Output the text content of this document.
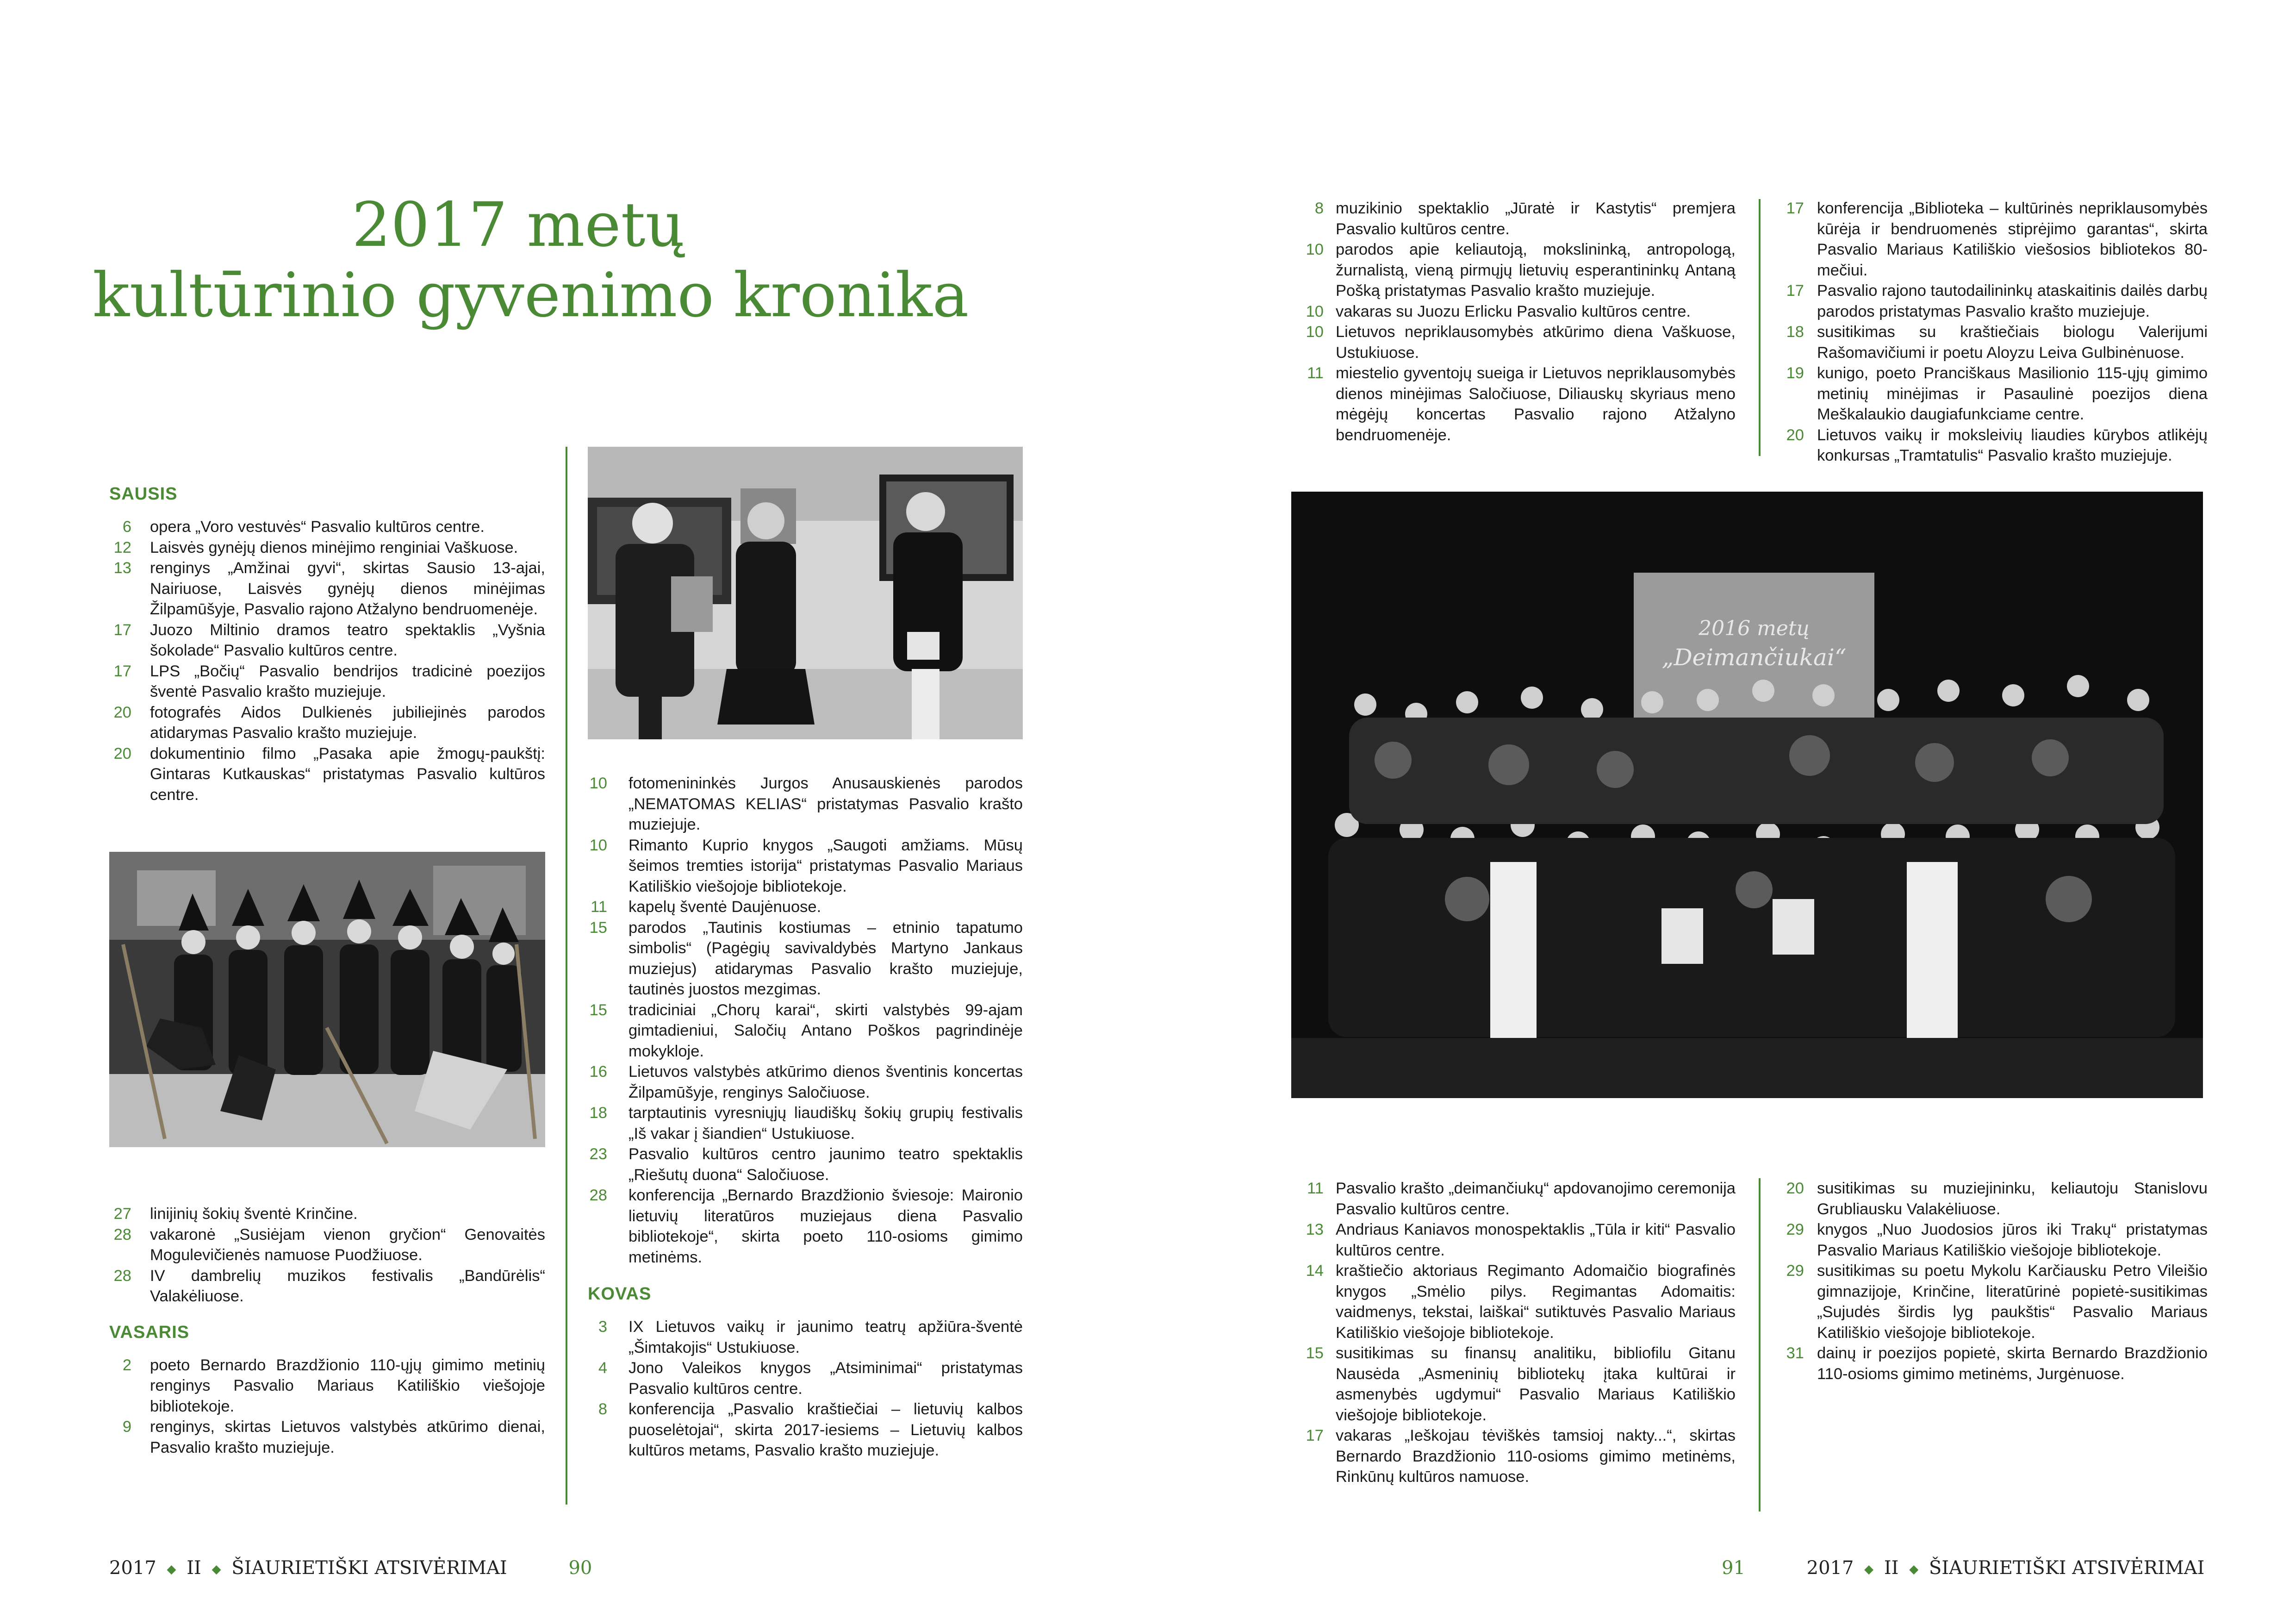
2017 metų
kultūrinio gyvenimo kronika
SAUSIS
6 opera „Voro vestuvės“ Pasvalio kultūros centre.
12 Laisvės gynėjų dienos minėjimo renginiai Vaškuose.
13 renginys „Amžinai gyvi“, skirtas Sausio 13-ajai, Nairiuose, Laisvės gynėjų dienos minėjimas Žilpamūšyje, Pasvalio rajono Atžalyno bendruomenėje.
17 Juozo Miltinio dramos teatro spektaklis „Vyšnia šokolade“ Pasvalio kultūros centre.
17 LPS „Bočių“ Pasvalio bendrijos tradicinė poezijos šventė Pasvalio krašto muziejuje.
20 fotografės Aidos Dulkienės jubiliejinės parodos atidarymas Pasvalio krašto muziejuje.
20 dokumentinio filmo „Pasaka apie žmogų-paukštį: Gintaras Kutkauskas“ pristatymas Pasvalio kultūros centre.
27 linijinių šokių šventė Krinčine.
28 vakaronė „Susiėjam vienon gryčion“ Genovaitės Mogulevičienės namuose Puodžiuose.
28 IV dambrelių muzikos festivalis „Bandūrėlis“ Valakėliuose.
VASARIS
2 poeto Bernardo Brazdžionio 110-ųjų gimimo metinių renginys Pasvalio Mariaus Katiliškio viešojoje bibliotekoje.
9 renginys, skirtas Lietuvos valstybės atkūrimo dienai, Pasvalio krašto muziejuje.
10 fotomenininkės Jurgos Anusauskienės parodos „NEMATOMAS KELIAS“ pristatymas Pasvalio krašto muziejuje.
10 Rimanto Kuprio knygos „Saugoti amžiams. Mūsų šeimos tremties istorija“ pristatymas Pasvalio Mariaus Katiliškio viešojoje bibliotekoje.
11 kapelų šventė Daujėnuose.
15 parodos „Tautinis kostiumas – etninio tapatumo simbolis“ (Pagėgių savivaldybės Martyno Jankaus muziejus) atidarymas Pasvalio krašto muziejuje, tautinės juostos mezgimas.
15 tradiciniai „Chorų karai“, skirti valstybės 99-ajam gimtadieniui, Saločių Antano Poškos pagrindinėje mokykloje.
16 Lietuvos valstybės atkūrimo dienos šventinis koncertas Žilpamūšyje, renginys Saločiuose.
18 tarptautinis vyresniųjų liaudiškų šokių grupių festivalis „Iš vakar į šiandien“ Ustukiuose.
23 Pasvalio kultūros centro jaunimo teatro spektaklis „Riešutų duona“ Saločiuose.
28 konferencija „Bernardo Brazdžionio šviesoje: Maironio lietuvių literatūros muziejaus diena Pasvalio bibliotekoje“, skirta poeto 110-osioms gimimo metinėms.
KOVAS
3 IX Lietuvos vaikų ir jaunimo teatrų apžiūra-šventė „Šimtakojis“ Ustukiuose.
4 Jono Valeikos knygos „Atsiminimai“ pristatymas Pasvalio kultūros centre.
8 konferencija „Pasvalio kraštiečiai – lietuvių kalbos puoselėtojai“, skirta 2017-iesiems – Lietuvių kalbos kultūros metams, Pasvalio krašto muziejuje.
8 muzikinio spektaklio „Jūratė ir Kastytis“ premjera Pasvalio kultūros centre.
10 parodos apie keliautoją, mokslininką, antropologą, žurnalistą, vieną pirmųjų lietuvių esperantininkų Antaną Pošką pristatymas Pasvalio krašto muziejuje.
10 vakaras su Juozu Erlicku Pasvalio kultūros centre.
10 Lietuvos nepriklausomybės atkūrimo diena Vaškuose, Ustukiuose.
11 miestelio gyventojų sueiga ir Lietuvos nepriklausomybės dienos minėjimas Saločiuose, Diliauskų skyriaus meno mėgėjų koncertas Pasvalio rajono Atžalyno bendruomenėje.
17 konferencija „Biblioteka – kultūrinės nepriklausomybės kūrėja ir bendruomenės stiprėjimo garantas“, skirta Pasvalio Mariaus Katiliškio viešosios bibliotekos 80-mečiui.
17 Pasvalio rajono tautodailininkų ataskaitinis dailės darbų parodos pristatymas Pasvalio krašto muziejuje.
18 susitikimas su kraštiečiais biologu Valerijumi Rašomavičiumi ir poetu Aloyzu Leiva Gulbinėnuose.
19 kunigo, poeto Pranciškaus Masilionio 115-ųjų gimimo metinių minėjimas ir Pasaulinė poezijos diena Meškalaukio daugiafunkciame centre.
20 Lietuvos vaikų ir moksleivių liaudies kūrybos atlikėjų konkursas „Tramtatulis“ Pasvalio krašto muziejuje.
2016 metų
„Deimančiukai“
11 Pasvalio krašto „deimančiukų“ apdovanojimo ceremonija Pasvalio kultūros centre.
13 Andriaus Kaniavos monospektaklis „Tūla ir kiti“ Pasvalio kultūros centre.
14 kraštiečio aktoriaus Regimanto Adomaičio biografinės knygos „Smėlio pilys. Regimantas Adomaitis: vaidmenys, tekstai, laiškai“ sutiktuvės Pasvalio Mariaus Katiliškio viešojoje bibliotekoje.
15 susitikimas su finansų analitiku, bibliofilu Gitanu Nausėda „Asmeninių bibliotekų įtaka kultūrai ir asmenybės ugdymui“ Pasvalio Mariaus Katiliškio viešojoje bibliotekoje.
17 vakaras „Ieškojau tėviškės tamsioj nakty...“, skirtas Bernardo Brazdžionio 110-osioms gimimo metinėms, Rinkūnų kultūros namuose.
20 susitikimas su muziejininku, keliautoju Stanislovu Grubliausku Valakėliuose.
29 knygos „Nuo Juodosios jūros iki Trakų“ pristatymas Pasvalio Mariaus Katiliškio viešojoje bibliotekoje.
29 susitikimas su poetu Mykolu Karčiausku Petro Vileišio gimnazijoje, Krinčine, literatūrinė popietė-susitikimas „Sujudės širdis lyg paukštis“ Pasvalio Mariaus Katiliškio viešojoje bibliotekoje.
31 dainų ir poezijos popietė, skirta Bernardo Brazdžionio 110-osioms gimimo metinėms, Jurgėnuose.
2017 ◆ II ◆ ŠIAURIETIŠKI ATSIVĖRIMAI	90	91	2017 ◆ II ◆ ŠIAURIETIŠKI ATSIVĖRIMAI
